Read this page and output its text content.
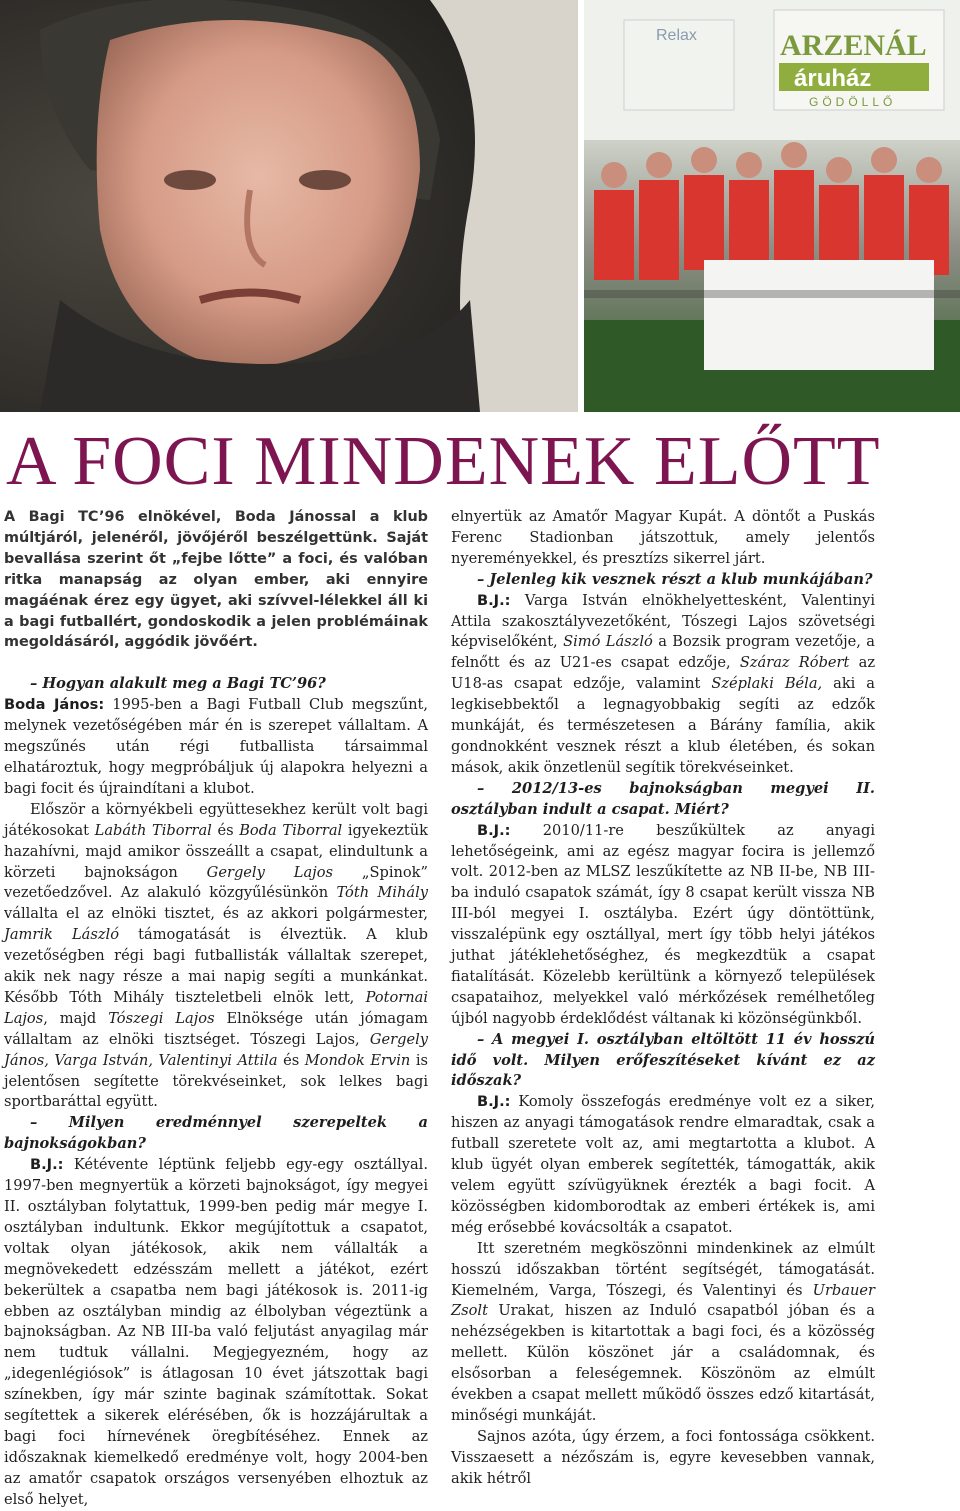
ARZENÁL
áruház
GÖDÖLLŐ
Relax
A FOCI MINDENEK ELŐTT

A Bagi TC’96 elnökével, Boda Jánossal a klub múltjáról, jelenéről, jövőjéről beszélgettünk. Saját bevallása szerint őt „fejbe lőtte” a foci, és valóban ritka manapság az olyan ember, aki ennyire magáénak érez egy ügyet, aki szívvel-lélekkel áll ki a bagi futballért, gondoskodik a jelen problémáinak megoldásáról, aggódik jövőért.

– Hogyan alakult meg a Bagi TC’96?

Boda János: 1995-ben a Bagi Futball Club megszűnt, melynek vezetőségében már én is szerepet vállaltam. A megszűnés után régi futballista társaimmal elhatároztuk, hogy megpróbáljuk új alapokra helyezni a bagi focit és újraindítani a klubot.

Először a környékbeli együttesekhez került volt bagi játékosokat Labáth Tiborral és Boda Tiborral igyekeztük hazahívni, majd amikor összeállt a csapat, elindultunk a körzeti bajnokságon Gergely Lajos „Spinok” vezetőedzővel. Az alakuló közgyűlésünkön Tóth Mihály vállalta el az elnöki tisztet, és az akkori polgármester, Jamrik László támogatását is élveztük. A klub vezetőségben régi bagi futballisták vállaltak szerepet, akik nek nagy része a mai napig segíti a munkánkat. Később Tóth Mihály tiszteletbeli elnök lett, Potornai Lajos, majd Tószegi Lajos Elnöksége után jómagam vállaltam az elnöki tisztséget. Tószegi Lajos, Gergely János, Varga István, Valentinyi Attila és Mondok Ervin is jelentősen segítette törekvéseinket, sok lelkes bagi sportbaráttal együtt.

– Milyen eredménnyel szerepeltek a bajnokságokban?

B.J.: Kétévente léptünk feljebb egy-egy osztállyal. 1997-ben megnyertük a körzeti bajnokságot, így megyei II. osztályban folytattuk, 1999-ben pedig már megye I. osztályban indultunk. Ekkor megújítottuk a csapatot, voltak olyan játékosok, akik nem vállalták a megnövekedett edzésszám mellett a játékot, ezért bekerültek a csapatba nem bagi játékosok is. 2011-ig ebben az osztályban mindig az élbolyban végeztünk a bajnokságban. Az NB III-ba való feljutást anyagilag már nem tudtuk vállalni. Megjegyezném, hogy az „idegenlégiósok” is átlagosan 10 évet játszottak bagi színekben, így már szinte baginak számítottak. Sokat segítettek a sikerek elérésében, ők is hozzájárultak a bagi foci hírnevének öregbítéséhez. Ennek az időszaknak kiemelkedő eredménye volt, hogy 2004-ben az amatőr csapatok országos versenyében elhoztuk az első helyet,

elnyertük az Amatőr Magyar Kupát. A döntőt a Puskás Ferenc Stadionban játszottuk, amely jelentős nyereményekkel, és presztízs sikerrel járt.

– Jelenleg kik vesznek részt a klub munkájában?

B.J.: Varga István elnökhelyettesként, Valentinyi Attila szakosztályvezetőként, Tószegi Lajos szövetségi képviselőként, Simó László a Bozsik program vezetője, a felnőtt és az U21-es csapat edzője, Száraz Róbert az U18-as csapat edzője, valamint Széplaki Béla, aki a legkisebbektől a legnagyobbakig segíti az edzők munkáját, és természetesen a Bárány família, akik gondnokként vesznek részt a klub életében, és sokan mások, akik önzetlenül segítik törekvéseinket.

– 2012/13-es bajnokságban megyei II. osztályban indult a csapat. Miért?

B.J.: 2010/11-re beszűkültek az anyagi lehetőségeink, ami az egész magyar focira is jellemző volt. 2012-ben az MLSZ leszűkítette az NB II-be, NB III-ba induló csapatok számát, így 8 csapat került vissza NB III-ból megyei I. osztályba. Ezért úgy döntöttünk, visszalépünk egy osztállyal, mert így több helyi játékos juthat játéklehetőséghez, és megkezdtük a csapat fiatalítását. Közelebb kerültünk a környező települések csapataihoz, melyekkel való mérkőzések remélhetőleg újból nagyobb érdeklődést váltanak ki közönségünkből.

– A megyei I. osztályban eltöltött 11 év hosszú idő volt. Milyen erőfeszítéseket kívánt ez az időszak?

B.J.: Komoly összefogás eredménye volt ez a siker, hiszen az anyagi támogatások rendre elmaradtak, csak a futball szeretete volt az, ami megtartotta a klubot. A klub ügyét olyan emberek segítették, támogatták, akik velem együtt szívügyüknek érezték a bagi focit. A közösségben kidomborodtak az emberi értékek is, ami még erősebbé kovácsolták a csapatot.

Itt szeretném megköszönni mindenkinek az elmúlt hosszú időszakban történt segítségét, támogatását. Kiemelném, Varga, Tószegi, és Valentinyi és Urbauer Zsolt Urakat, hiszen az Induló csapatból jóban és a nehézségekben is kitartottak a bagi foci, és a közösség mellett. Külön köszönet jár a családomnak, és elsősorban a feleségemnek. Köszönöm az elmúlt években a csapat mellett működő összes edző kitartását, minőségi munkáját.

Sajnos azóta, úgy érzem, a foci fontossága csökkent. Visszaesett a nézőszám is, egyre kevesebben vannak, akik hétről
